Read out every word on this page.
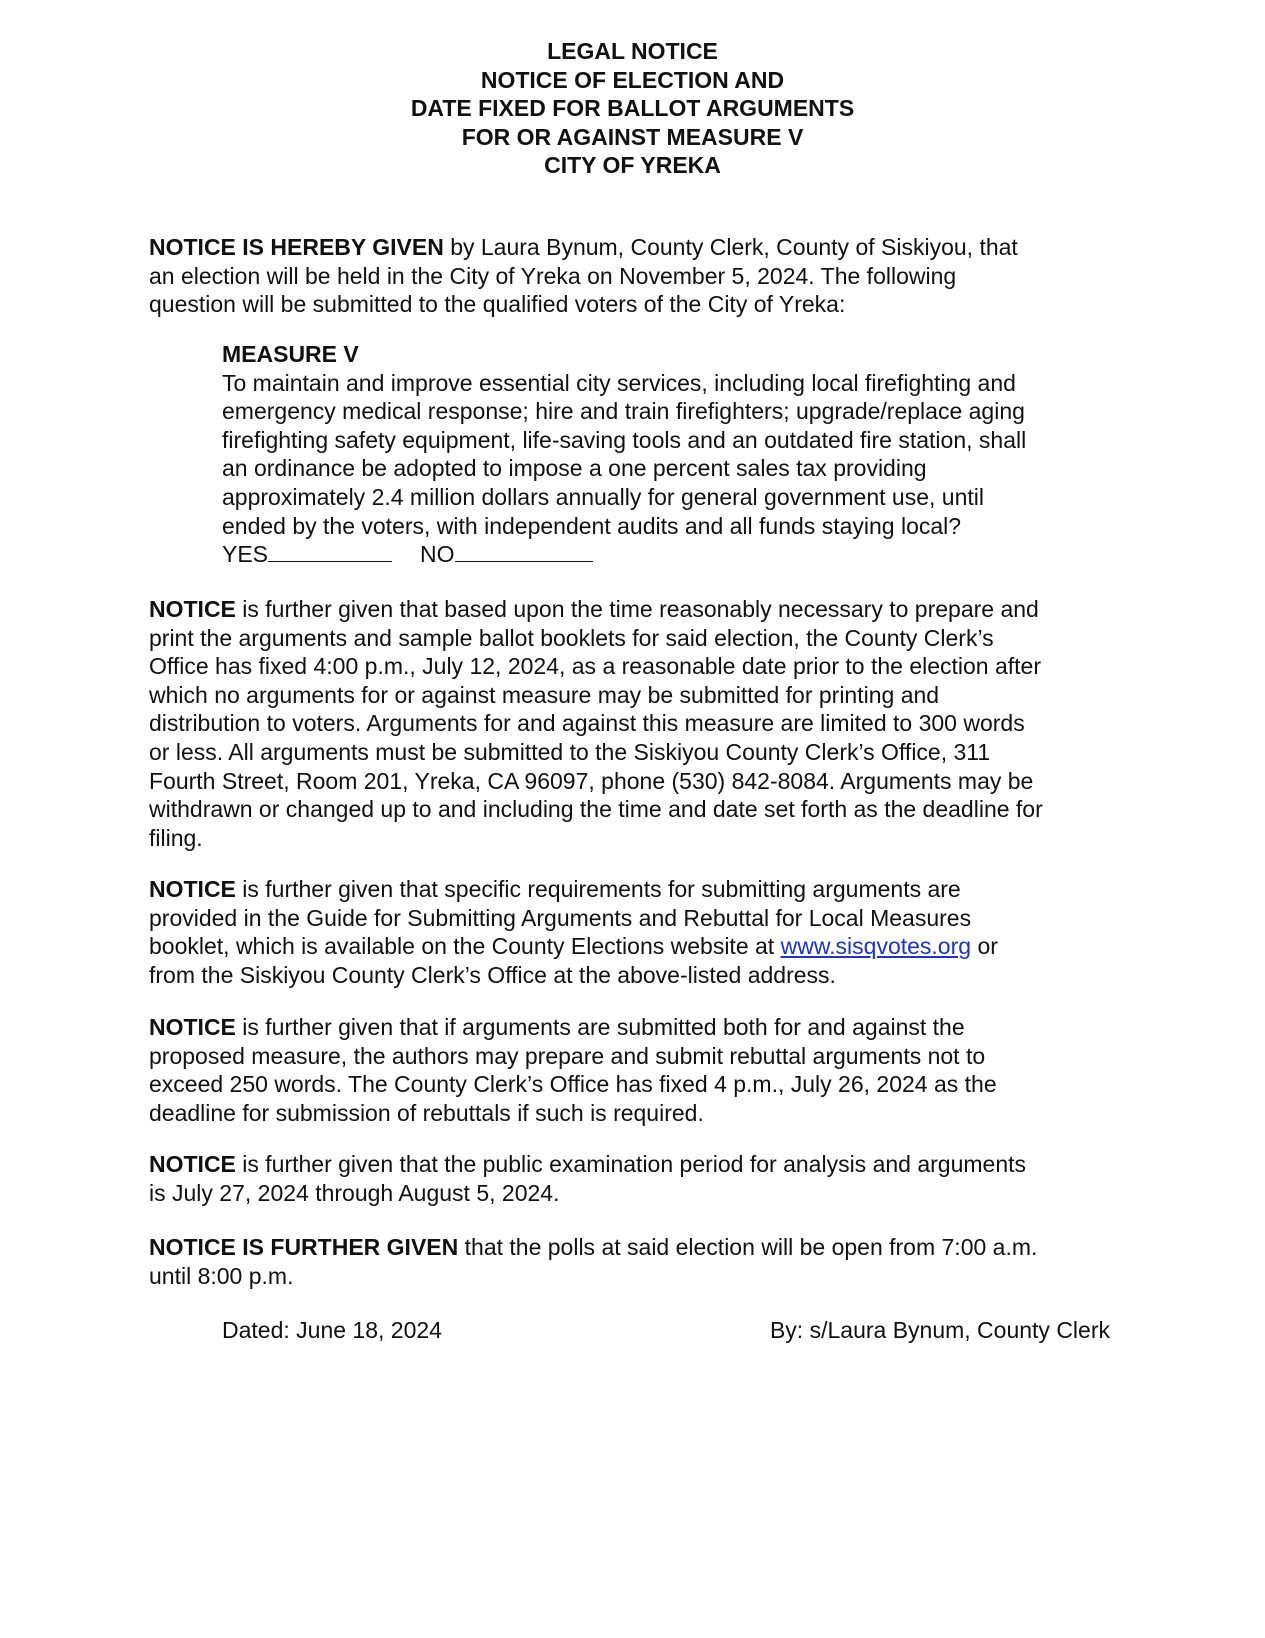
LEGAL NOTICE
NOTICE OF ELECTION AND
DATE FIXED FOR BALLOT ARGUMENTS
FOR OR AGAINST MEASURE V
CITY OF YREKA
NOTICE IS HEREBY GIVEN by Laura Bynum, County Clerk, County of Siskiyou, that
an election will be held in the City of Yreka on November 5, 2024. The following
question will be submitted to the qualified voters of the City of Yreka:
MEASURE V
To maintain and improve essential city services, including local firefighting and
emergency medical response; hire and train firefighters; upgrade/replace aging
firefighting safety equipment, life-saving tools and an outdated fire station, shall
an ordinance be adopted to impose a one percent sales tax providing
approximately 2.4 million dollars annually for general government use, until
ended by the voters, with independent audits and all funds staying local?
YES	NO
NOTICE is further given that based upon the time reasonably necessary to prepare and
print the arguments and sample ballot booklets for said election, the County Clerk’s
Office has fixed 4:00 p.m., July 12, 2024, as a reasonable date prior to the election after
which no arguments for or against measure may be submitted for printing and
distribution to voters. Arguments for and against this measure are limited to 300 words
or less. All arguments must be submitted to the Siskiyou County Clerk’s Office, 311
Fourth Street, Room 201, Yreka, CA 96097, phone (530) 842-8084. Arguments may be
withdrawn or changed up to and including the time and date set forth as the deadline for
filing.
NOTICE is further given that specific requirements for submitting arguments are
provided in the Guide for Submitting Arguments and Rebuttal for Local Measures
booklet, which is available on the County Elections website at www.sisqvotes.org or
from the Siskiyou County Clerk’s Office at the above-listed address.
NOTICE is further given that if arguments are submitted both for and against the
proposed measure, the authors may prepare and submit rebuttal arguments not to
exceed 250 words. The County Clerk’s Office has fixed 4 p.m., July 26, 2024 as the
deadline for submission of rebuttals if such is required.
NOTICE is further given that the public examination period for analysis and arguments
is July 27, 2024 through August 5, 2024.
NOTICE IS FURTHER GIVEN that the polls at said election will be open from 7:00 a.m.
until 8:00 p.m.
Dated: June 18, 2024	By: s/Laura Bynum, County Clerk
